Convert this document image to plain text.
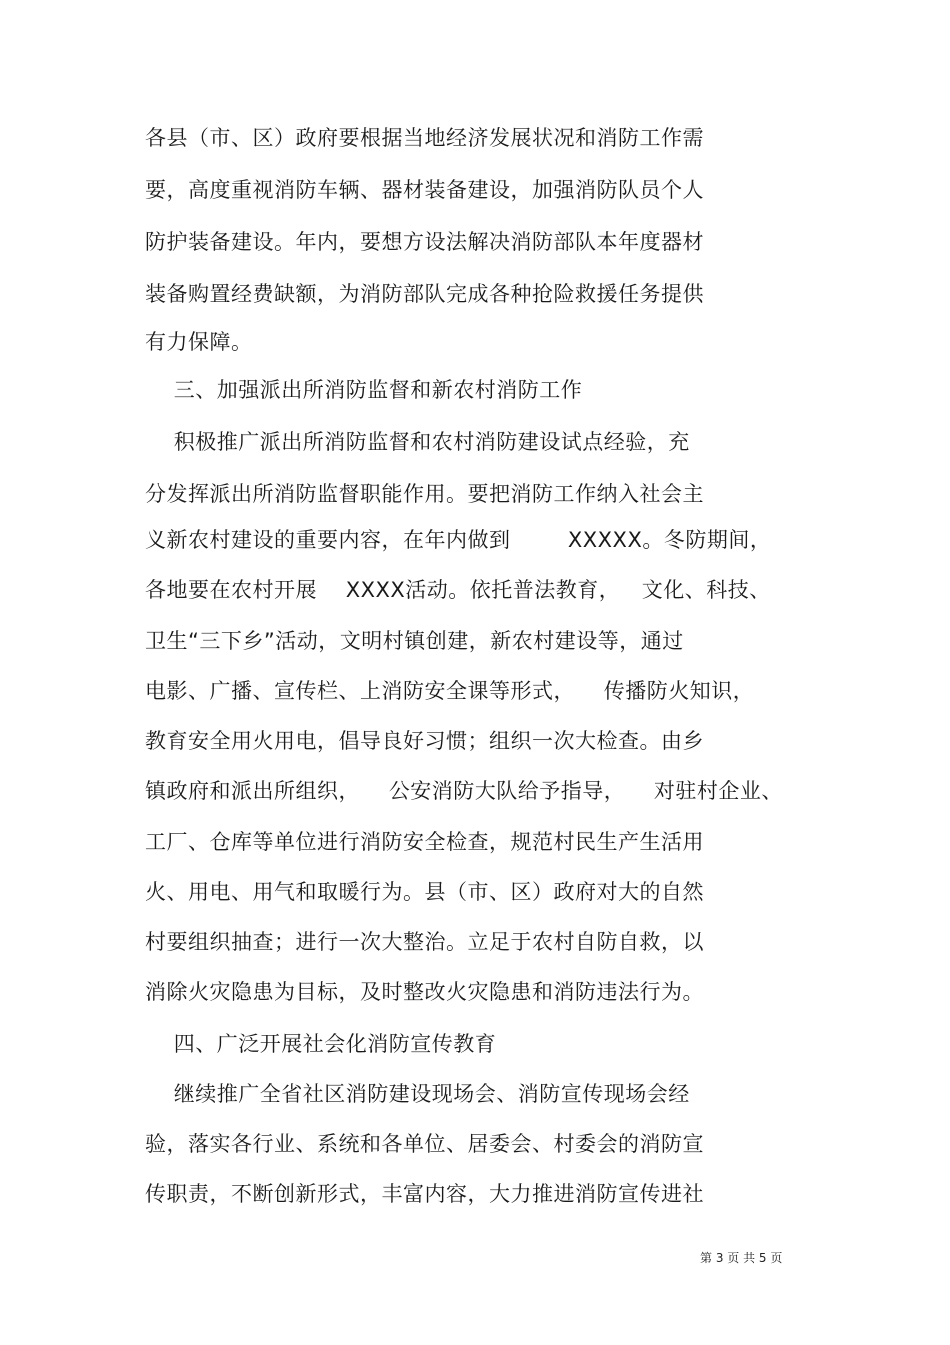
各县（市、区）政府要根据当地经济发展状况和消防工作需
要，高度重视消防车辆、器材装备建设，加强消防队员个人
防护装备建设。年内，要想方设法解决消防部队本年度器材
装备购置经费缺额，为消防部队完成各种抢险救援任务提供
有力保障。
三、加强派出所消防监督和新农村消防工作
积极推广派出所消防监督和农村消防建设试点经验，充
分发挥派出所消防监督职能作用。要把消防工作纳入社会主
义新农村建设的重要内容，在年内做到        XXXXX。冬防期间，
各地要在农村开展    XXXX活动。依托普法教育，   文化、科技、
卫生“三下乡”活动，文明村镇创建，新农村建设等，通过
电影、广播、宣传栏、上消防安全课等形式，    传播防火知识，
教育安全用火用电，倡导良好习惯；组织一次大检查。由乡
镇政府和派出所组织，    公安消防大队给予指导，    对驻村企业、
工厂、仓库等单位进行消防安全检查，规范村民生产生活用
火、用电、用气和取暖行为。县（市、区）政府对大的自然
村要组织抽查；进行一次大整治。立足于农村自防自救，以
消除火灾隐患为目标，及时整改火灾隐患和消防违法行为。
四、广泛开展社会化消防宣传教育
继续推广全省社区消防建设现场会、消防宣传现场会经
验，落实各行业、系统和各单位、居委会、村委会的消防宣
传职责，不断创新形式，丰富内容，大力推进消防宣传进社
第 3 页 共 5 页
